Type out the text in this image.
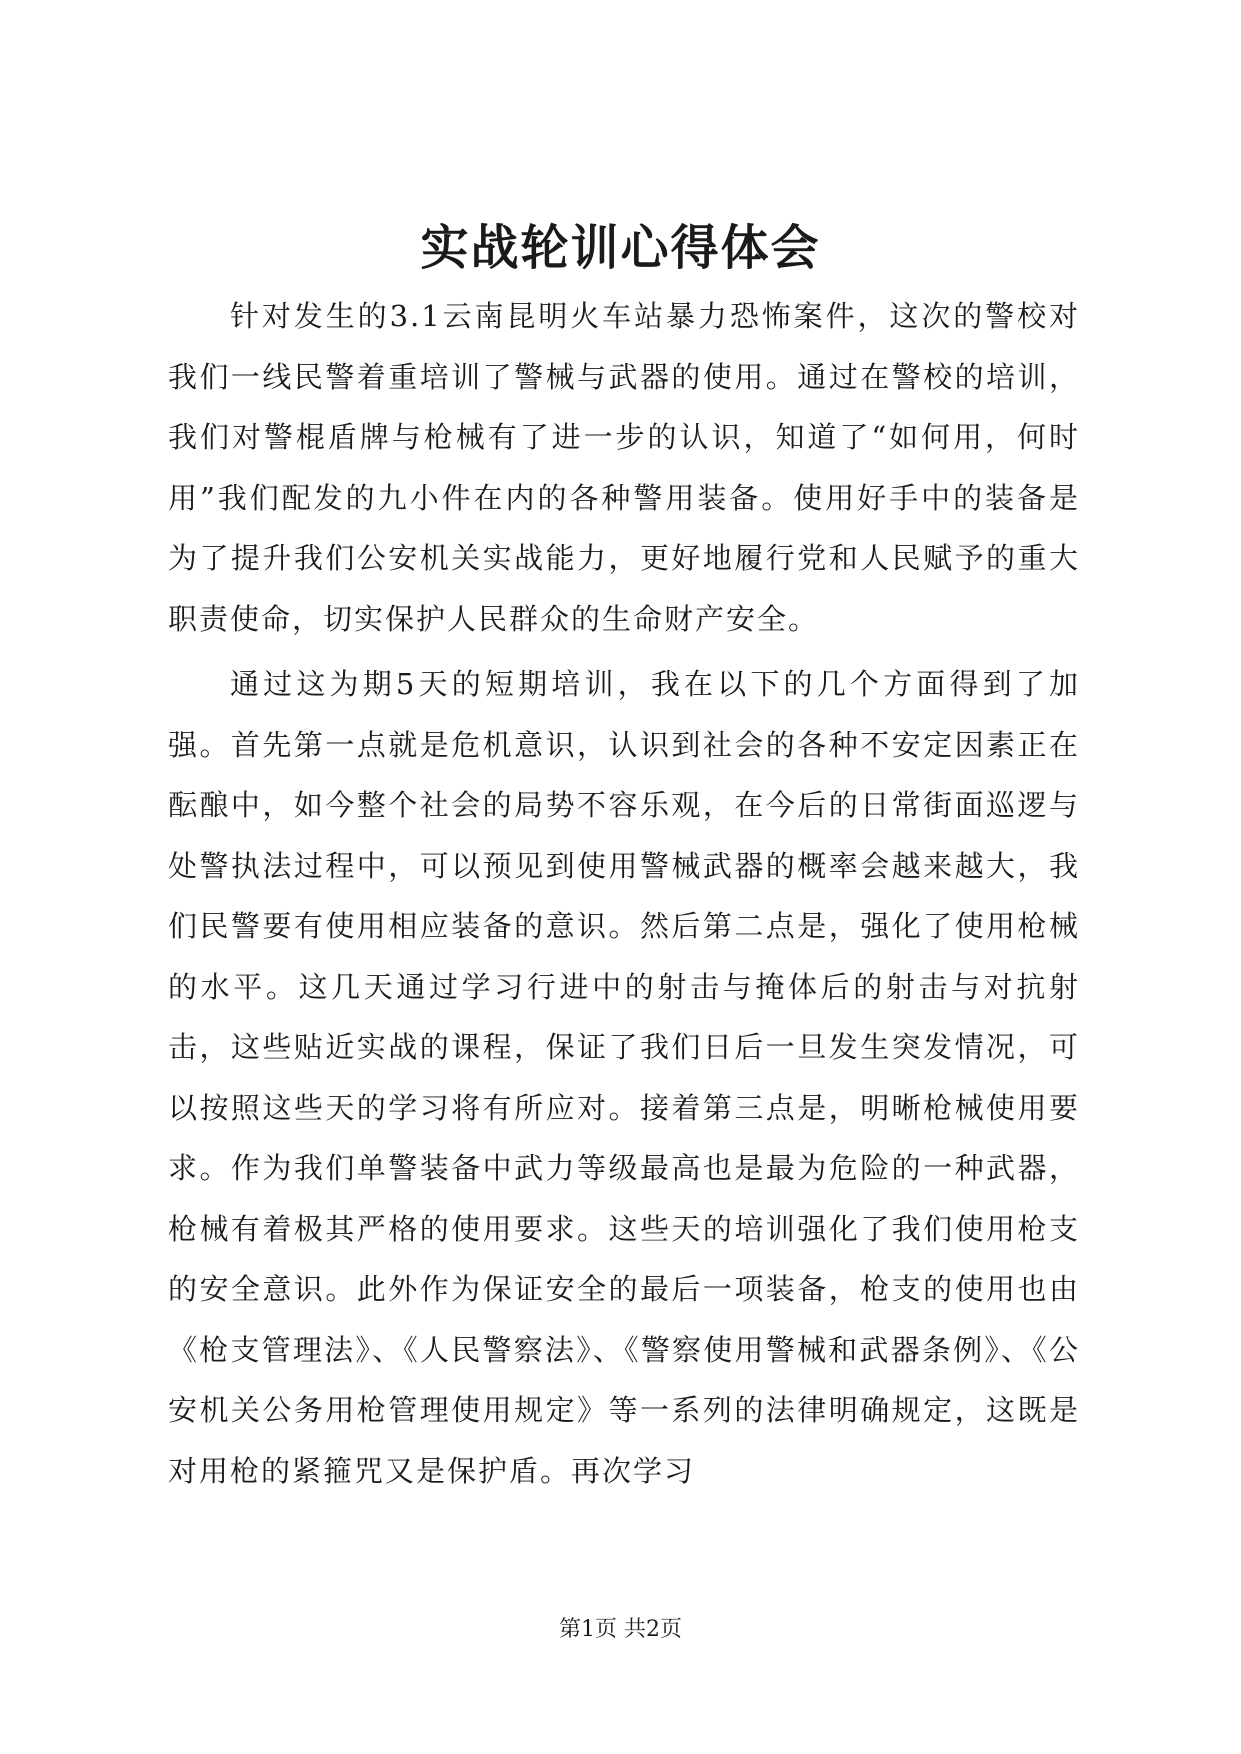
实战轮训心得体会

针对发生的3.1云南昆明火车站暴力恐怖案件，这次的警校对我们一线民警着重培训了警械与武器的使用。通过在警校的培训，我们对警棍盾牌与枪械有了进一步的认识，知道了“如何用，何时用”我们配发的九小件在内的各种警用装备。使用好手中的装备是为了提升我们公安机关实战能力，更好地履行党和人民赋予的重大职责使命，切实保护人民群众的生命财产安全。

通过这为期5天的短期培训，我在以下的几个方面得到了加强。首先第一点就是危机意识，认识到社会的各种不安定因素正在酝酿中，如今整个社会的局势不容乐观，在今后的日常街面巡逻与处警执法过程中，可以预见到使用警械武器的概率会越来越大，我们民警要有使用相应装备的意识。然后第二点是，强化了使用枪械的水平。这几天通过学习行进中的射击与掩体后的射击与对抗射击，这些贴近实战的课程，保证了我们日后一旦发生突发情况，可以按照这些天的学习将有所应对。接着第三点是，明晰枪械使用要求。作为我们单警装备中武力等级最高也是最为危险的一种武器，枪械有着极其严格的使用要求。这些天的培训强化了我们使用枪支的安全意识。此外作为保证安全的最后一项装备，枪支的使用也由《枪支管理法》、《人民警察法》、《警察使用警械和武器条例》、《公安机关公务用枪管理使用规定》等一系列的法律明确规定，这既是对用枪的紧箍咒又是保护盾。再次学习

第1页 共2页
